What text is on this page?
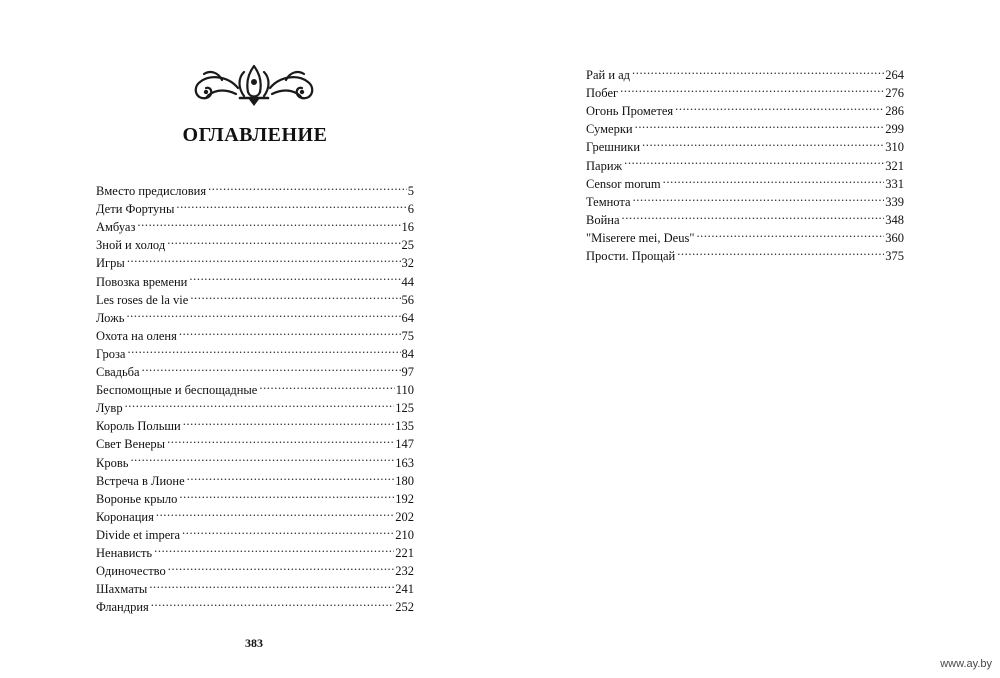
ОГЛАВЛЕНИЕ
Вместо предисловия .....	5
Дети Фортуны .....	6
Амбуаз .....	16
Зной и холод .....	25
Игры .....	32
Повозка времени .....	44
Les roses de la vie .....	56
Ложь .....	64
Охота на оленя .....	75
Гроза .....	84
Свадьба .....	97
Беспомощные и беспощадные .....	110
Лувр .....	125
Король Польши .....	135
Свет Венеры .....	147
Кровь .....	163
Встреча в Лионе .....	180
Воронье крыло .....	192
Коронация .....	202
Divide et impera .....	210
Ненависть .....	221
Одиночество .....	232
Шахматы .....	241
Фландрия .....	252
383
Рай и ад .....	264
Побег .....	276
Огонь Прометея .....	286
Сумерки .....	299
Грешники .....	310
Париж .....	321
Censor morum .....	331
Темнота .....	339
Война .....	348
"Miserere mei, Deus" .....	360
Прости. Прощай .....	375
www.ay.by
